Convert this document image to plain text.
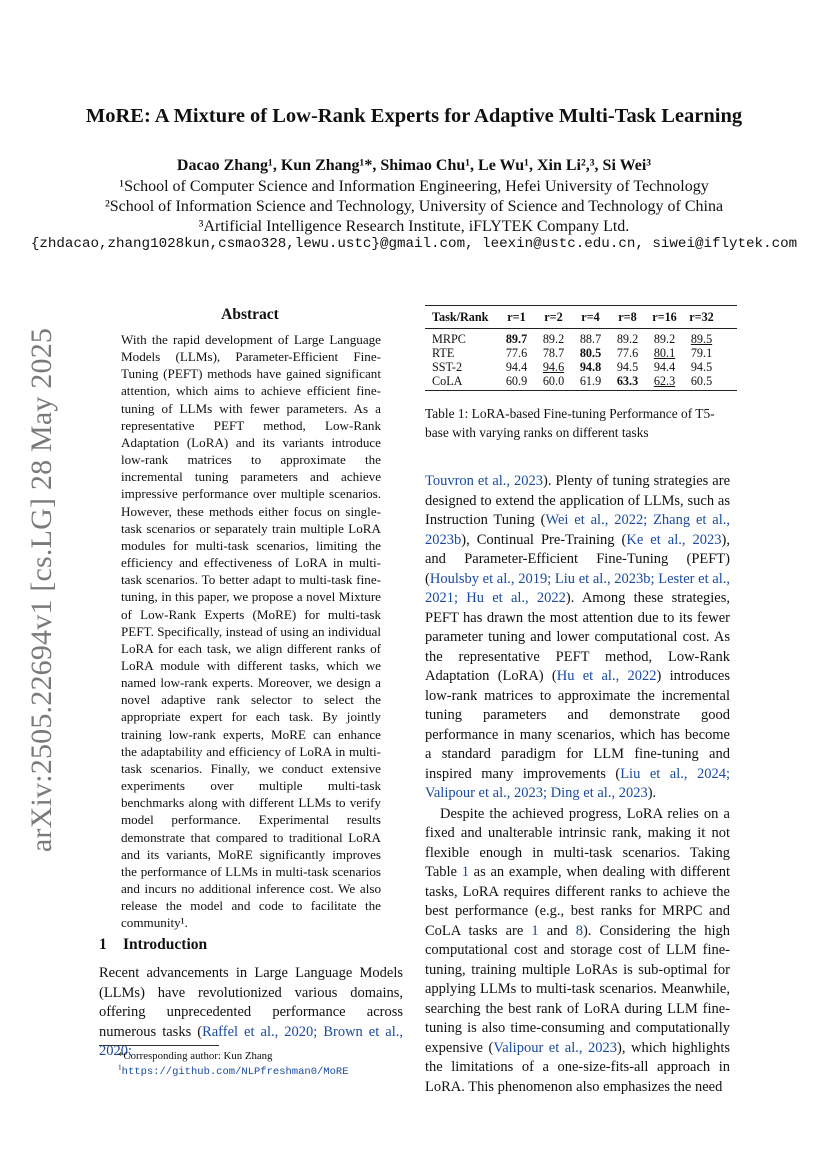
arXiv:2505.22694v1 [cs.LG] 28 May 2025
MoRE: A Mixture of Low-Rank Experts for Adaptive Multi-Task Learning
Dacao Zhang¹, Kun Zhang¹*, Shimao Chu¹, Le Wu¹, Xin Li²,³, Si Wei³
¹School of Computer Science and Information Engineering, Hefei University of Technology
²School of Information Science and Technology, University of Science and Technology of China
³Artificial Intelligence Research Institute, iFLYTEK Company Ltd.
{zhdacao,zhang1028kun,csmao328,lewu.ustc}@gmail.com, leexin@ustc.edu.cn, siwei@iflytek.com
Abstract
With the rapid development of Large Language Models (LLMs), Parameter-Efficient Fine-Tuning (PEFT) methods have gained significant attention, which aims to achieve efficient fine-tuning of LLMs with fewer parameters. As a representative PEFT method, Low-Rank Adaptation (LoRA) and its variants introduce low-rank matrices to approximate the incremental tuning parameters and achieve impressive performance over multiple scenarios. However, these methods either focus on single-task scenarios or separately train multiple LoRA modules for multi-task scenarios, limiting the efficiency and effectiveness of LoRA in multi-task scenarios. To better adapt to multi-task fine-tuning, in this paper, we propose a novel Mixture of Low-Rank Experts (MoRE) for multi-task PEFT. Specifically, instead of using an individual LoRA for each task, we align different ranks of LoRA module with different tasks, which we named low-rank experts. Moreover, we design a novel adaptive rank selector to select the appropriate expert for each task. By jointly training low-rank experts, MoRE can enhance the adaptability and efficiency of LoRA in multi-task scenarios. Finally, we conduct extensive experiments over multiple multi-task benchmarks along with different LLMs to verify model performance. Experimental results demonstrate that compared to traditional LoRA and its variants, MoRE significantly improves the performance of LLMs in multi-task scenarios and incurs no additional inference cost. We also release the model and code to facilitate the community¹.
1 Introduction
Recent advancements in Large Language Models (LLMs) have revolutionized various domains, offering unprecedented performance across numerous tasks (Raffel et al., 2020; Brown et al., 2020;
*Corresponding author: Kun Zhang
$^1$https://github.com/NLPfreshman0/MoRE
Task/Rank	r=1	r=2	r=4	r=8	r=16	r=32
MRPC	89.7	89.2	88.7	89.2	89.2	89.5
RTE	77.6	78.7	80.5	77.6	80.1	79.1
SST-2	94.4	94.6	94.8	94.5	94.4	94.5
CoLA	60.9	60.0	61.9	63.3	62.3	60.5
Table 1: LoRA-based Fine-tuning Performance of T5-base with varying ranks on different tasks

Touvron et al., 2023). Plenty of tuning strategies are designed to extend the application of LLMs, such as Instruction Tuning (Wei et al., 2022; Zhang et al., 2023b), Continual Pre-Training (Ke et al., 2023), and Parameter-Efficient Fine-Tuning (PEFT) (Houlsby et al., 2019; Liu et al., 2023b; Lester et al., 2021; Hu et al., 2022). Among these strategies, PEFT has drawn the most attention due to its fewer parameter tuning and lower computational cost. As the representative PEFT method, Low-Rank Adaptation (LoRA) (Hu et al., 2022) introduces low-rank matrices to approximate the incremental tuning parameters and demonstrate good performance in many scenarios, which has become a standard paradigm for LLM fine-tuning and inspired many improvements (Liu et al., 2024; Valipour et al., 2023; Ding et al., 2023).

Despite the achieved progress, LoRA relies on a fixed and unalterable intrinsic rank, making it not flexible enough in multi-task scenarios. Taking Table 1 as an example, when dealing with different tasks, LoRA requires different ranks to achieve the best performance (e.g., best ranks for MRPC and CoLA tasks are 1 and 8). Considering the high computational cost and storage cost of LLM fine-tuning, training multiple LoRAs is sub-optimal for applying LLMs to multi-task scenarios. Meanwhile, searching the best rank of LoRA during LLM fine-tuning is also time-consuming and computationally expensive (Valipour et al., 2023), which highlights the limitations of a one-size-fits-all approach in LoRA. This phenomenon also emphasizes the need
